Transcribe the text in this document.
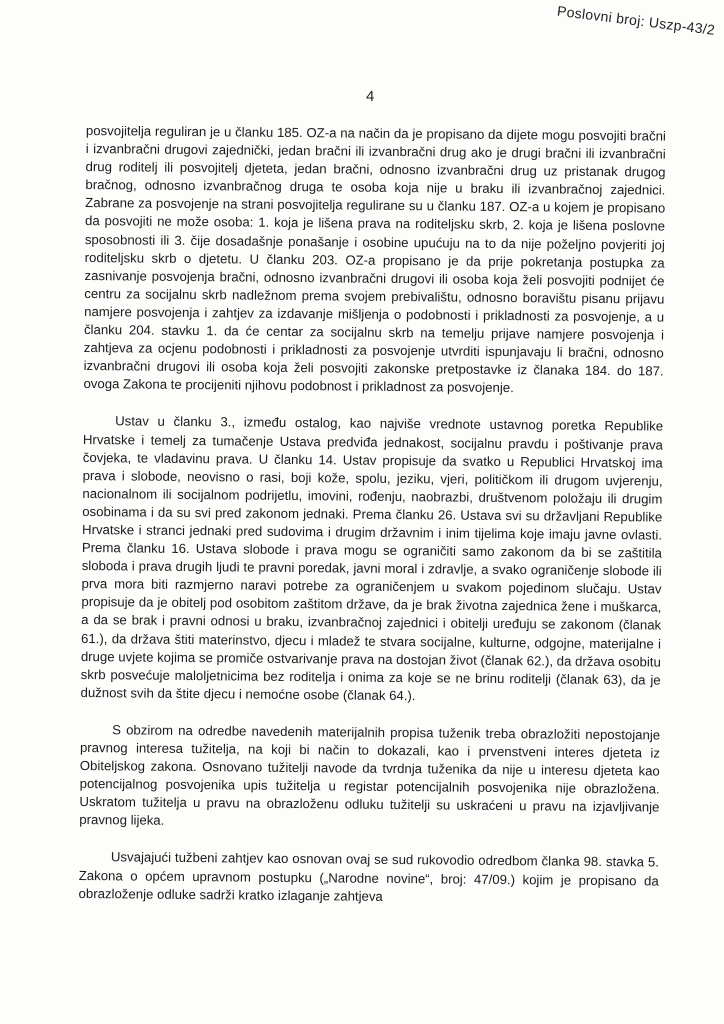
Poslovni broj: Uszp-43/2
4

posvojitelja reguliran je u članku 185. OZ-a na način da je propisano da dijete mogu posvojiti bračni i izvanbračni drugovi zajednički, jedan bračni ili izvanbračni drug ako je drugi bračni ili izvanbračni drug roditelj ili posvojitelj djeteta, jedan bračni, odnosno izvanbračni drug uz pristanak drugog bračnog, odnosno izvanbračnog druga te osoba koja nije u braku ili izvanbračnoj zajednici. Zabrane za posvojenje na strani posvojitelja regulirane su u članku 187. OZ-a u kojem je propisano da posvojiti ne može osoba: 1. koja je lišena prava na roditeljsku skrb, 2. koja je lišena poslovne sposobnosti ili 3. čije dosadašnje ponašanje i osobine upućuju na to da nije poželjno povjeriti joj roditeljsku skrb o djetetu. U članku 203. OZ-a propisano je da prije pokretanja postupka za zasnivanje posvojenja bračni, odnosno izvanbračni drugovi ili osoba koja želi posvojiti podnijet će centru za socijalnu skrb nadležnom prema svojem prebivalištu, odnosno boravištu pisanu prijavu namjere posvojenja i zahtjev za izdavanje mišljenja o podobnosti i prikladnosti za posvojenje, a u članku 204. stavku 1. da će centar za socijalnu skrb na temelju prijave namjere posvojenja i zahtjeva za ocjenu podobnosti i prikladnosti za posvojenje utvrditi ispunjavaju li bračni, odnosno izvanbračni drugovi ili osoba koja želi posvojiti zakonske pretpostavke iz članaka 184. do 187. ovoga Zakona te procijeniti njihovu podobnost i prikladnost za posvojenje.

Ustav u članku 3., između ostalog, kao najviše vrednote ustavnog poretka Republike Hrvatske i temelj za tumačenje Ustava predviđa jednakost, socijalnu pravdu i poštivanje prava čovjeka, te vladavinu prava. U članku 14. Ustav propisuje da svatko u Republici Hrvatskoj ima prava i slobode, neovisno o rasi, boji kože, spolu, jeziku, vjeri, političkom ili drugom uvjerenju, nacionalnom ili socijalnom podrijetlu, imovini, rođenju, naobrazbi, društvenom položaju ili drugim osobinama i da su svi pred zakonom jednaki. Prema članku 26. Ustava svi su državljani Republike Hrvatske i stranci jednaki pred sudovima i drugim državnim i inim tijelima koje imaju javne ovlasti. Prema članku 16. Ustava slobode i prava mogu se ograničiti samo zakonom da bi se zaštitila sloboda i prava drugih ljudi te pravni poredak, javni moral i zdravlje, a svako ograničenje slobode ili prva mora biti razmjerno naravi potrebe za ograničenjem u svakom pojedinom slučaju. Ustav propisuje da je obitelj pod osobitom zaštitom države, da je brak životna zajednica žene i muškarca, a da se brak i pravni odnosi u braku, izvanbračnoj zajednici i obitelji uređuju se zakonom (članak 61.), da država štiti materinstvo, djecu i mladež te stvara socijalne, kulturne, odgojne, materijalne i druge uvjete kojima se promiče ostvarivanje prava na dostojan život (članak 62.), da država osobitu skrb posvećuje maloljetnicima bez roditelja i onima za koje se ne brinu roditelji (članak 63), da je dužnost svih da štite djecu i nemoćne osobe (članak 64.).

S obzirom na odredbe navedenih materijalnih propisa tuženik treba obrazložiti nepostojanje pravnog interesa tužitelja, na koji bi način to dokazali, kao i prvenstveni interes djeteta iz Obiteljskog zakona. Osnovano tužitelji navode da tvrdnja tuženika da nije u interesu djeteta kao potencijalnog posvojenika upis tužitelja u registar potencijalnih posvojenika nije obrazložena. Uskratom tužitelja u pravu na obrazloženu odluku tužitelji su uskraćeni u pravu na izjavljivanje pravnog lijeka.

Usvajajući tužbeni zahtjev kao osnovan ovaj se sud rukovodio odredbom članka 98. stavka 5. Zakona o općem upravnom postupku („Narodne novine“, broj: 47/09.) kojim je propisano da obrazloženje odluke sadrži kratko izlaganje zahtjeva
